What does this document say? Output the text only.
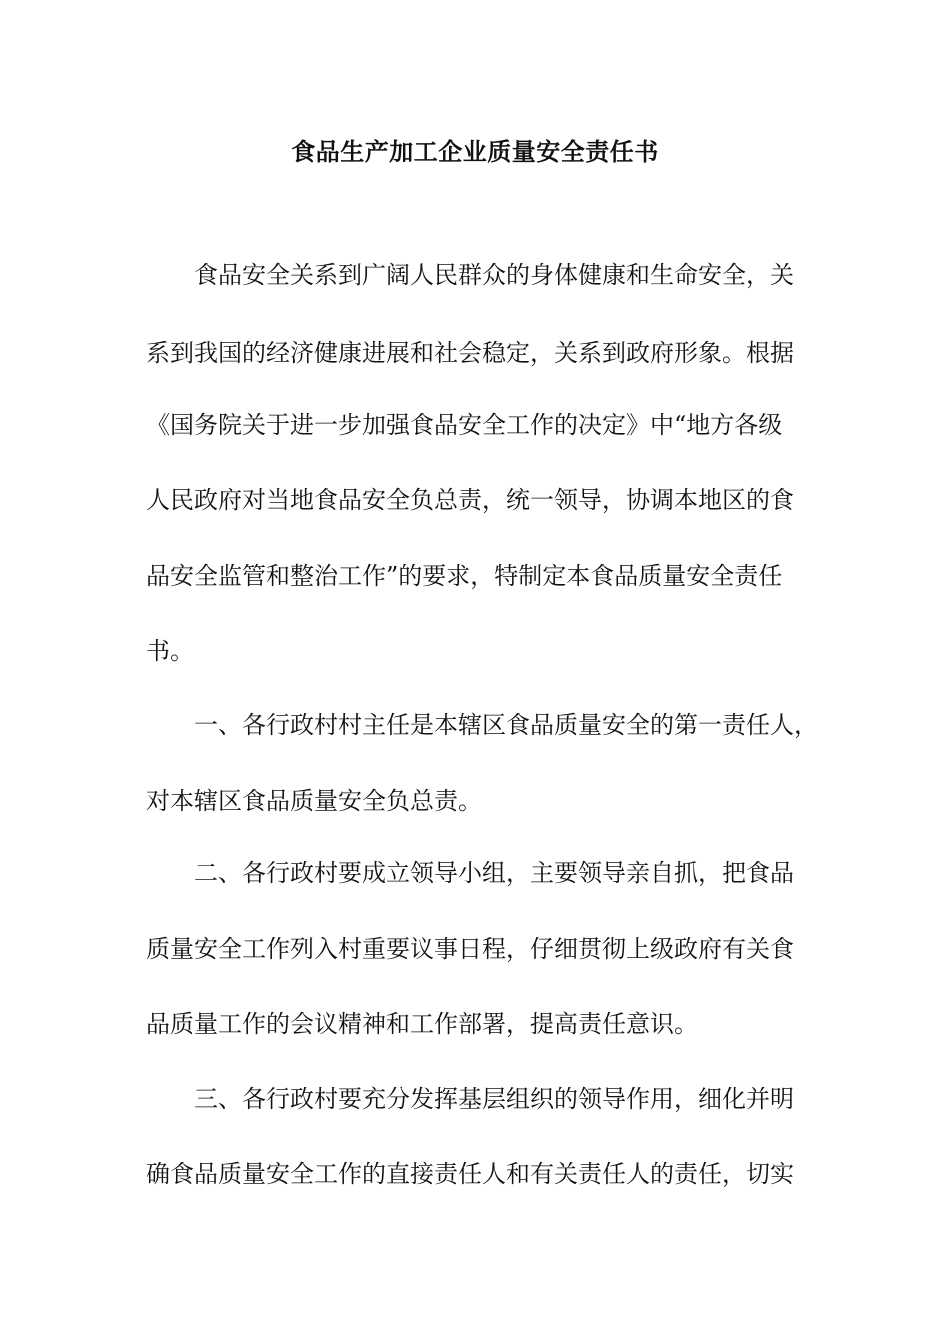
食品生产加工企业质量安全责任书
食品安全关系到广阔人民群众的身体健康和生命安全，关
系到我国的经济健康进展和社会稳定，关系到政府形象。根据
《国务院关于进一步加强食品安全工作的决定》中“地方各级
人民政府对当地食品安全负总责，统一领导，协调本地区的食
品安全监管和整治工作”的要求，特制定本食品质量安全责任
书。
一、各行政村村主任是本辖区食品质量安全的第一责任人，
对本辖区食品质量安全负总责。
二、各行政村要成立领导小组，主要领导亲自抓，把食品
质量安全工作列入村重要议事日程，仔细贯彻上级政府有关食
品质量工作的会议精神和工作部署，提高责任意识。
三、各行政村要充分发挥基层组织的领导作用，细化并明
确食品质量安全工作的直接责任人和有关责任人的责任，切实
